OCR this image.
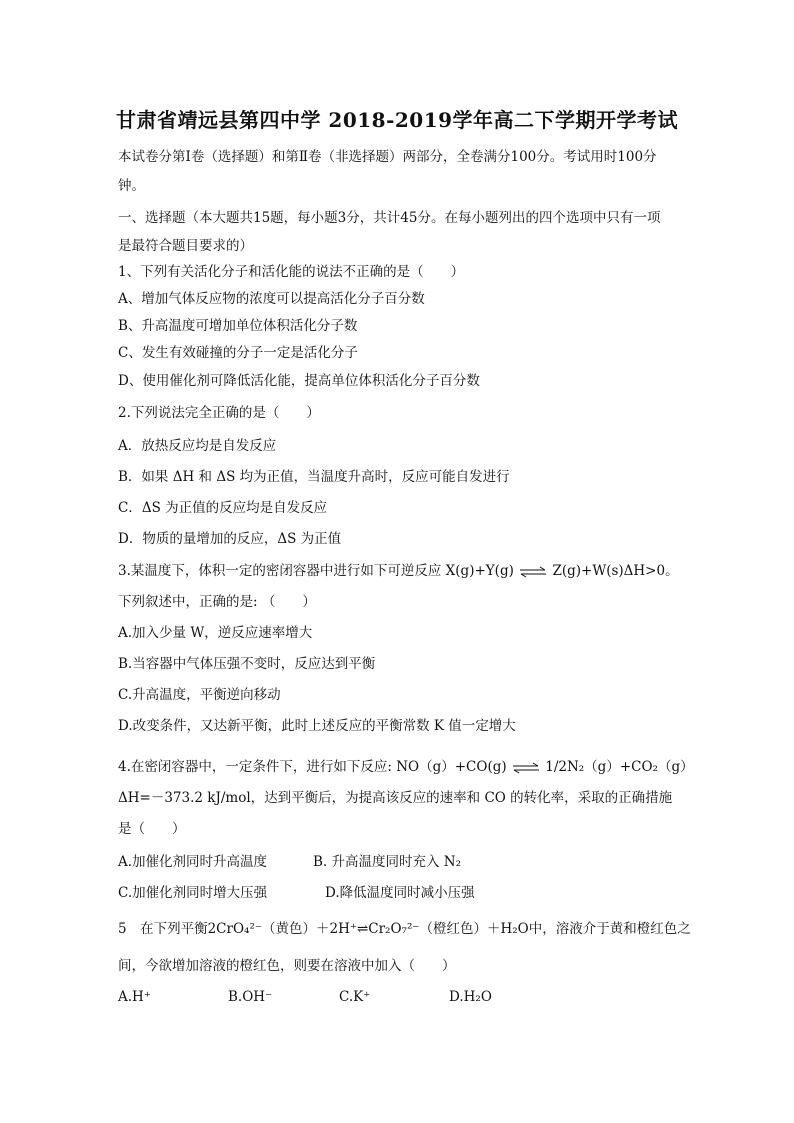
甘肃省靖远县第四中学 2018-2019学年高二下学期开学考试
本试卷分第Ⅰ卷（选择题）和第Ⅱ卷（非选择题）两部分，全卷满分100分。考试用时100分
钟。
一、选择题（本大题共15题，每小题3分，共计45分。在每小题列出的四个选项中只有一项
是最符合题目要求的）
1、下列有关活化分子和活化能的说法不正确的是（　　）
A、增加气体反应物的浓度可以提高活化分子百分数
B、升高温度可增加单位体积活化分子数
C、发生有效碰撞的分子一定是活化分子
D、使用催化剂可降低活化能，提高单位体积活化分子百分数
2.下列说法完全正确的是（　　）
A．放热反应均是自发反应
B．如果 ΔH 和 ΔS 均为正值，当温度升高时，反应可能自发进行
C．ΔS 为正值的反应均是自发反应
D．物质的量增加的反应，ΔS 为正值
3.某温度下，体积一定的密闭容器中进行如下可逆反应 X(g)+Y(g) ⇌ Z(g)+W(s)ΔH>0。
下列叙述中，正确的是: （　　）
A.加入少量 W，逆反应速率增大
B.当容器中气体压强不变时，反应达到平衡
C.升高温度，平衡逆向移动
D.改变条件，又达新平衡，此时上述反应的平衡常数 K 值一定增大
4.在密闭容器中，一定条件下，进行如下反应: NO（g）+CO(g) ⇌ 1/2N₂（g）+CO₂（g）
ΔH=－373.2 kJ/mol，达到平衡后，为提高该反应的速率和 CO 的转化率，采取的正确措施
是（　　）
A.加催化剂同时升高温度	B. 升高温度同时充入 N₂
C.加催化剂同时增大压强	D.降低温度同时减小压强
5　在下列平衡2CrO₄²⁻（黄色）＋2H⁺⇌Cr₂O₇²⁻（橙红色）＋H₂O中，溶液介于黄和橙红色之
间，今欲增加溶液的橙红色，则要在溶液中加入（　　）
A.H⁺	B.OH⁻	C.K⁺	D.H₂O
